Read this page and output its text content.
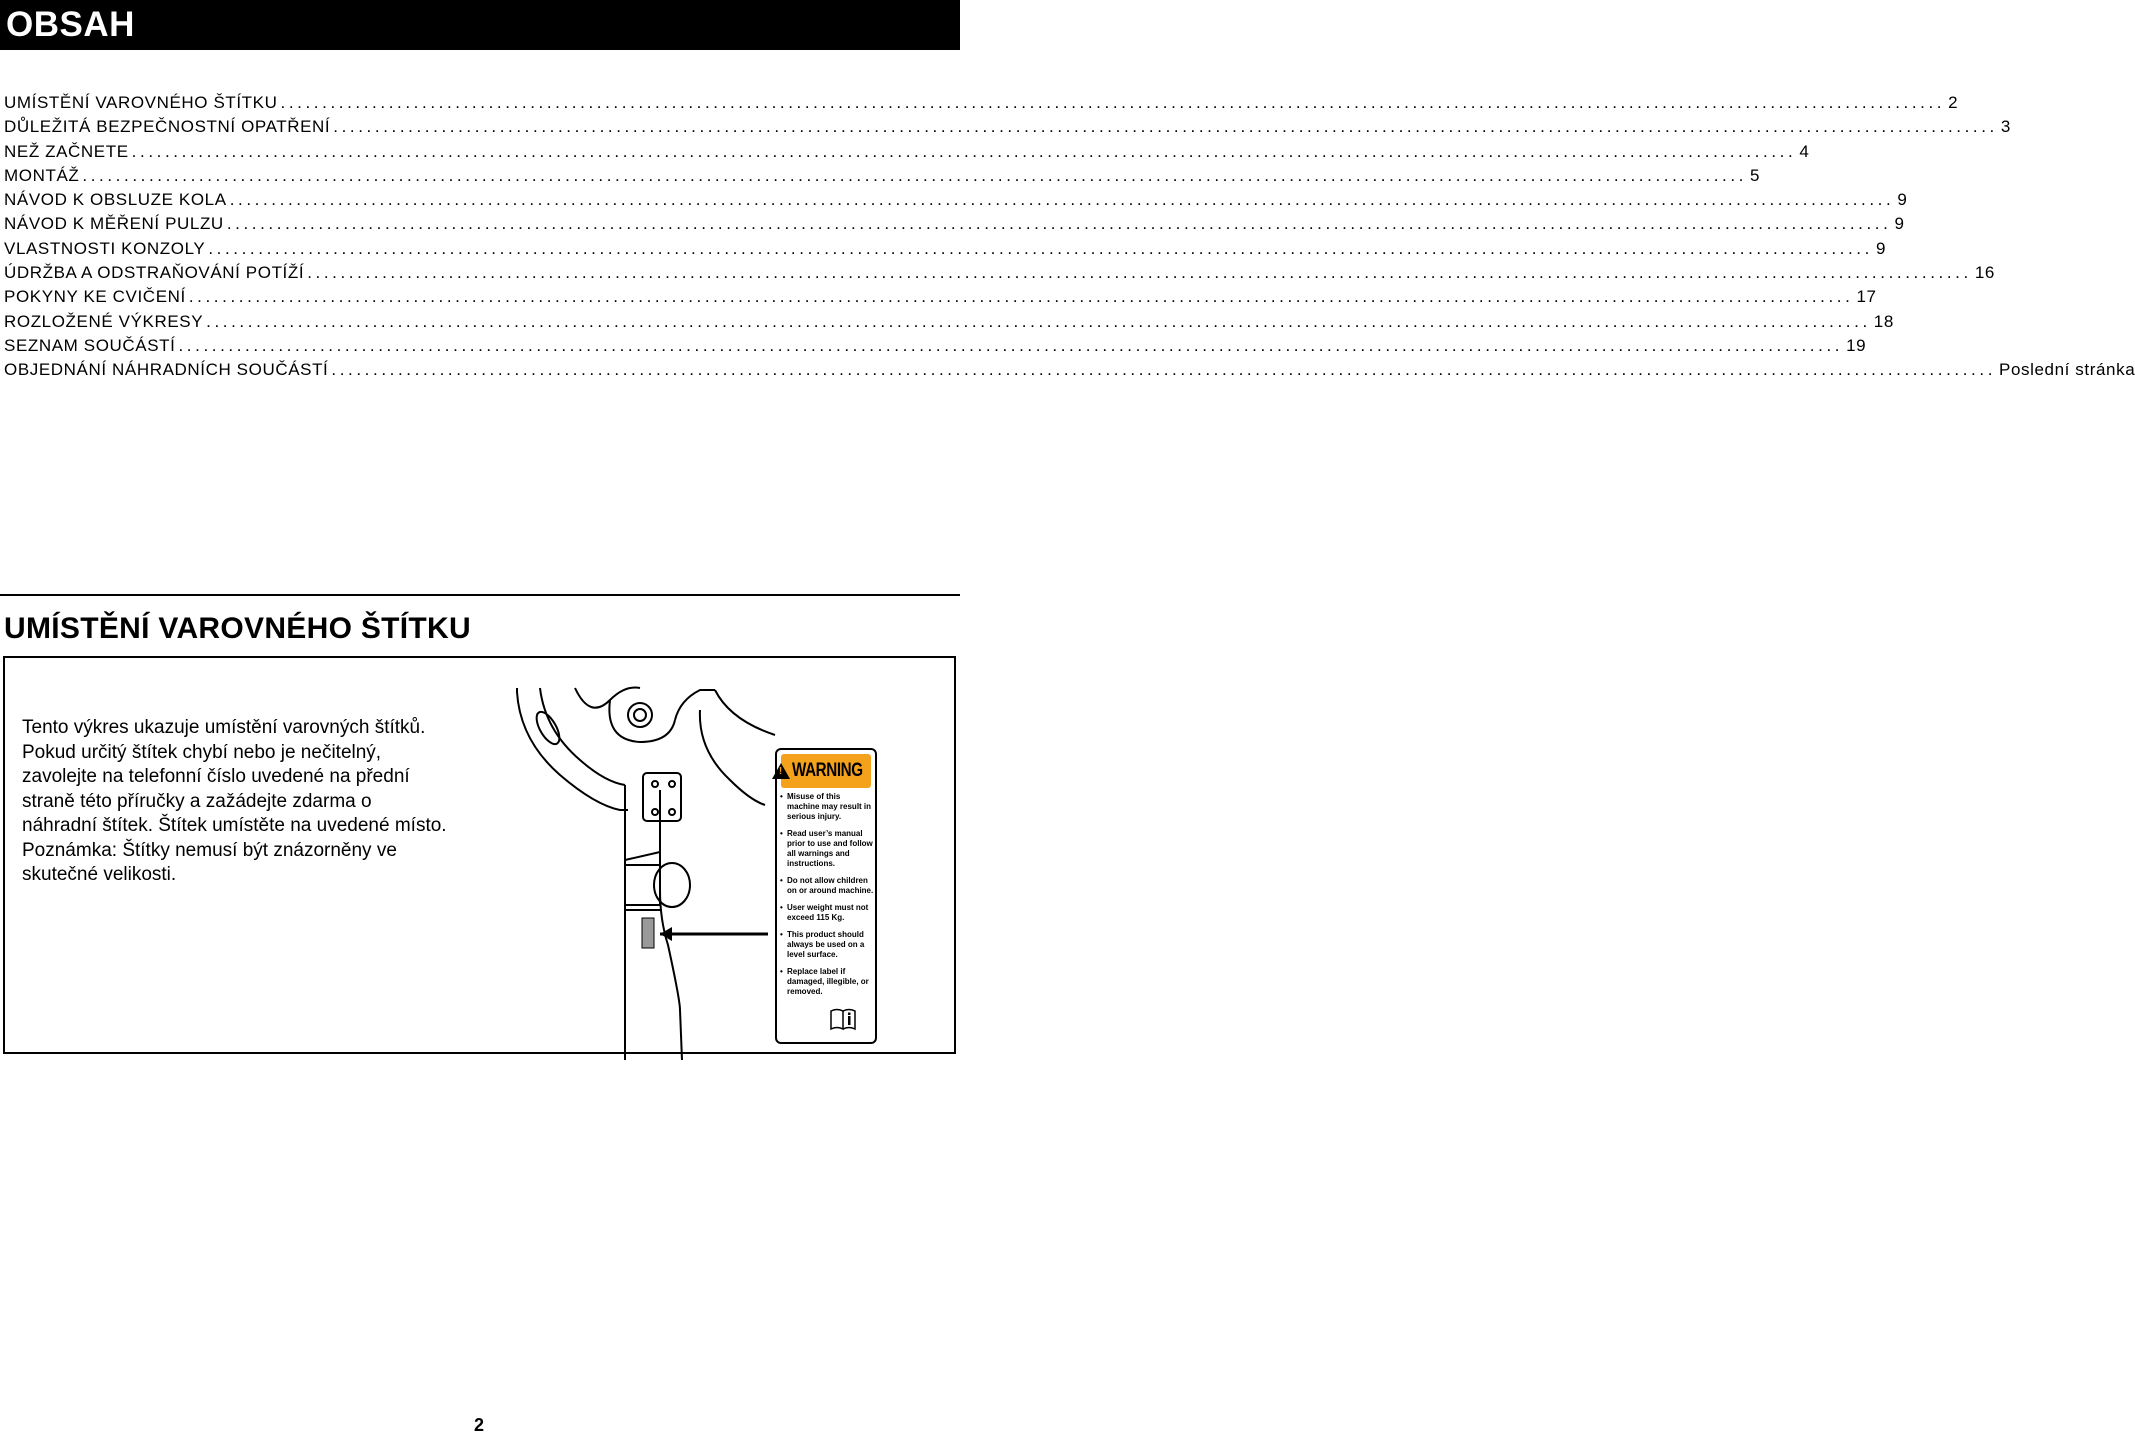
OBSAH
UMÍSTĚNÍ VAROVNÉHO ŠTÍTKU ........................................................................................................................................................................................................ 2
DŮLEŽITÁ BEZPEČNOSTNÍ OPATŘENÍ ........................................................................................................................................................................................................ 3
NEŽ ZAČNETE ........................................................................................................................................................................................................ 4
MONTÁŽ ........................................................................................................................................................................................................ 5
NÁVOD K OBSLUZE KOLA ........................................................................................................................................................................................................ 9
NÁVOD K MĚŘENÍ PULZU ........................................................................................................................................................................................................ 9
VLASTNOSTI KONZOLY ........................................................................................................................................................................................................ 9
ÚDRŽBA A ODSTRAŇOVÁNÍ POTÍŽÍ ........................................................................................................................................................................................................ 16
POKYNY KE CVIČENÍ ........................................................................................................................................................................................................ 17
ROZLOŽENÉ VÝKRESY ........................................................................................................................................................................................................ 18
SEZNAM SOUČÁSTÍ ........................................................................................................................................................................................................ 19
OBJEDNÁNÍ NÁHRADNÍCH SOUČÁSTÍ ........................................................................................................................................................................................................ Poslední stránka
UMÍSTĚNÍ VAROVNÉHO ŠTÍTKU
Tento výkres ukazuje umístění varovných štítků.
Pokud určitý štítek chybí nebo je nečitelný,
zavolejte na telefonní číslo uvedené na přední
straně této příručky a zažádejte zdarma o
náhradní štítek. Štítek umístěte na uvedené místo.
Poznámka: Štítky nemusí být znázorněny ve
skutečné velikosti.
! WARNING
• Misuse of this machine may result in serious injury.
• Read user’s manual prior to use and follow all warnings and instructions.
• Do not allow children on or around machine.
• User weight must not exceed 115 Kg.
• This product should always be used on a level surface.
• Replace label if damaged, illegible, or removed.
2
